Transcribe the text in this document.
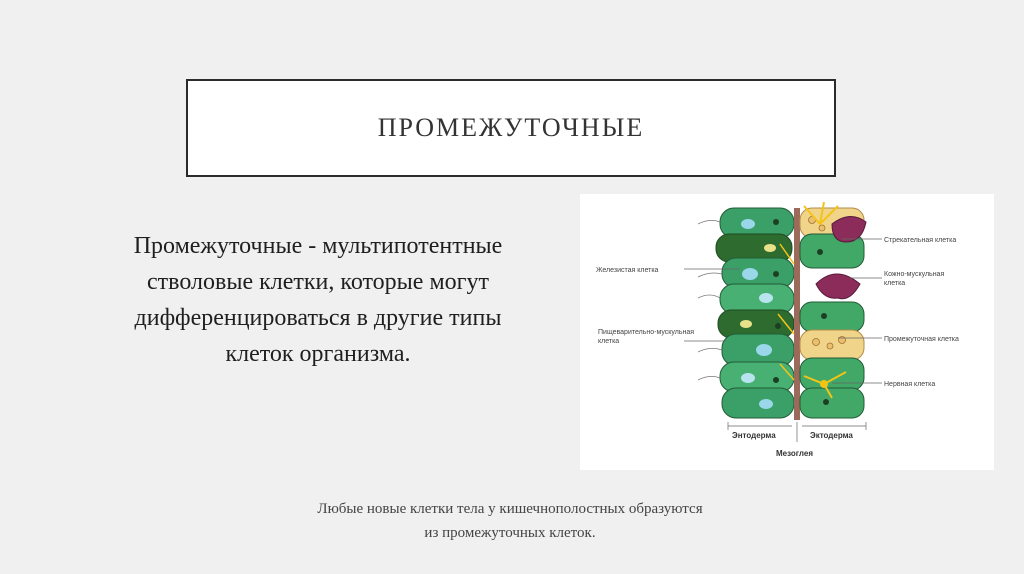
ПРОМЕЖУТОЧНЫЕ
Промежуточные - мультипотентные
стволовые клетки, которые могут
дифференцироваться в другие типы
клеток организма.
Железистая клетка
Пищеварительно-мускульная
клетка
Стрекательная клетка
Кожно-мускульная
клетка
Промежуточная клетка
Нервная клетка
Энтодерма	Эктодерма
Мезоглея
Любые новые клетки тела у кишечнополостных образуются
из промежуточных клеток.
